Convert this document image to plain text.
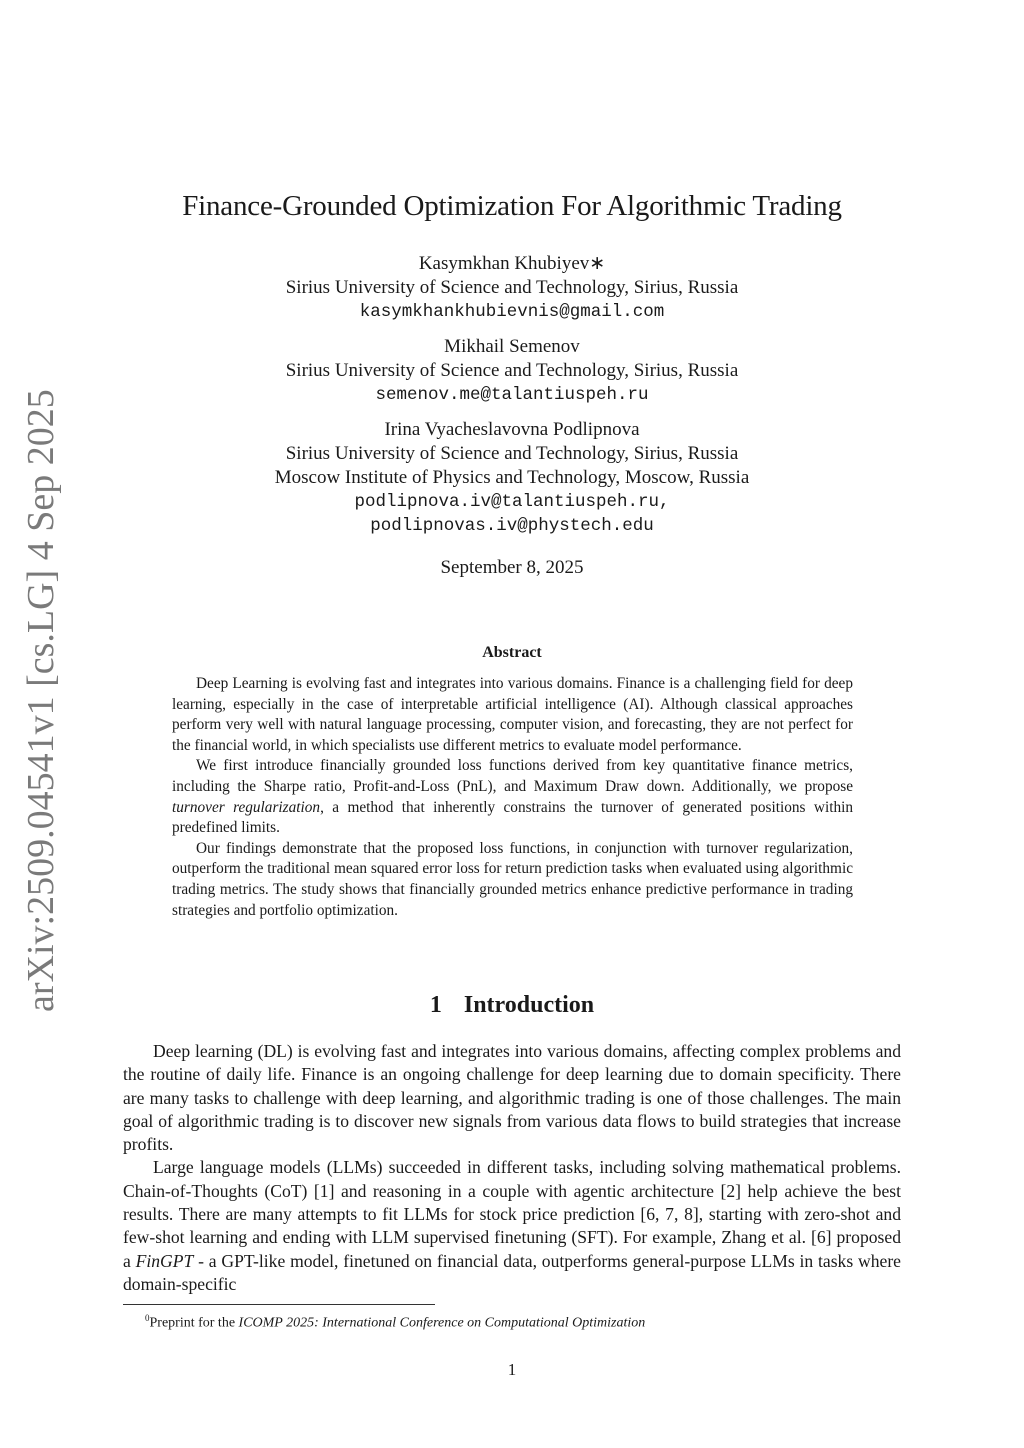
arXiv:2509.04541v1 [cs.LG] 4 Sep 2025
Finance-Grounded Optimization For Algorithmic Trading
Kasymkhan Khubiyev∗
Sirius University of Science and Technology, Sirius, Russia
kasymkhankhubievnis@gmail.com
Mikhail Semenov
Sirius University of Science and Technology, Sirius, Russia
semenov.me@talantiuspeh.ru
Irina Vyacheslavovna Podlipnova
Sirius University of Science and Technology, Sirius, Russia
Moscow Institute of Physics and Technology, Moscow, Russia
podlipnova.iv@talantiuspeh.ru,
podlipnovas.iv@phystech.edu
September 8, 2025
Abstract

Deep Learning is evolving fast and integrates into various domains. Finance is a challenging field for deep learning, especially in the case of interpretable artificial intelligence (AI). Although classical approaches perform very well with natural language processing, computer vision, and forecasting, they are not perfect for the financial world, in which specialists use different metrics to evaluate model performance.

We first introduce financially grounded loss functions derived from key quantitative finance metrics, including the Sharpe ratio, Profit-and-Loss (PnL), and Maximum Draw down. Additionally, we propose turnover regularization, a method that inherently constrains the turnover of generated positions within predefined limits.

Our findings demonstrate that the proposed loss functions, in conjunction with turnover regularization, outperform the traditional mean squared error loss for return prediction tasks when evaluated using algorithmic trading metrics. The study shows that financially grounded metrics enhance predictive performance in trading strategies and portfolio optimization.

1 Introduction

Deep learning (DL) is evolving fast and integrates into various domains, affecting complex problems and the routine of daily life. Finance is an ongoing challenge for deep learning due to domain specificity. There are many tasks to challenge with deep learning, and algorithmic trading is one of those challenges. The main goal of algorithmic trading is to discover new signals from various data flows to build strategies that increase profits.

Large language models (LLMs) succeeded in different tasks, including solving mathematical problems. Chain-of-Thoughts (CoT) [1] and reasoning in a couple with agentic architecture [2] help achieve the best results. There are many attempts to fit LLMs for stock price prediction [6, 7, 8], starting with zero-shot and few-shot learning and ending with LLM supervised finetuning (SFT). For example, Zhang et al. [6] proposed a FinGPT - a GPT-like model, finetuned on financial data, outperforms general-purpose LLMs in tasks where domain-specific

$^0$Preprint for the ICOMP 2025: International Conference on Computational Optimization
1
